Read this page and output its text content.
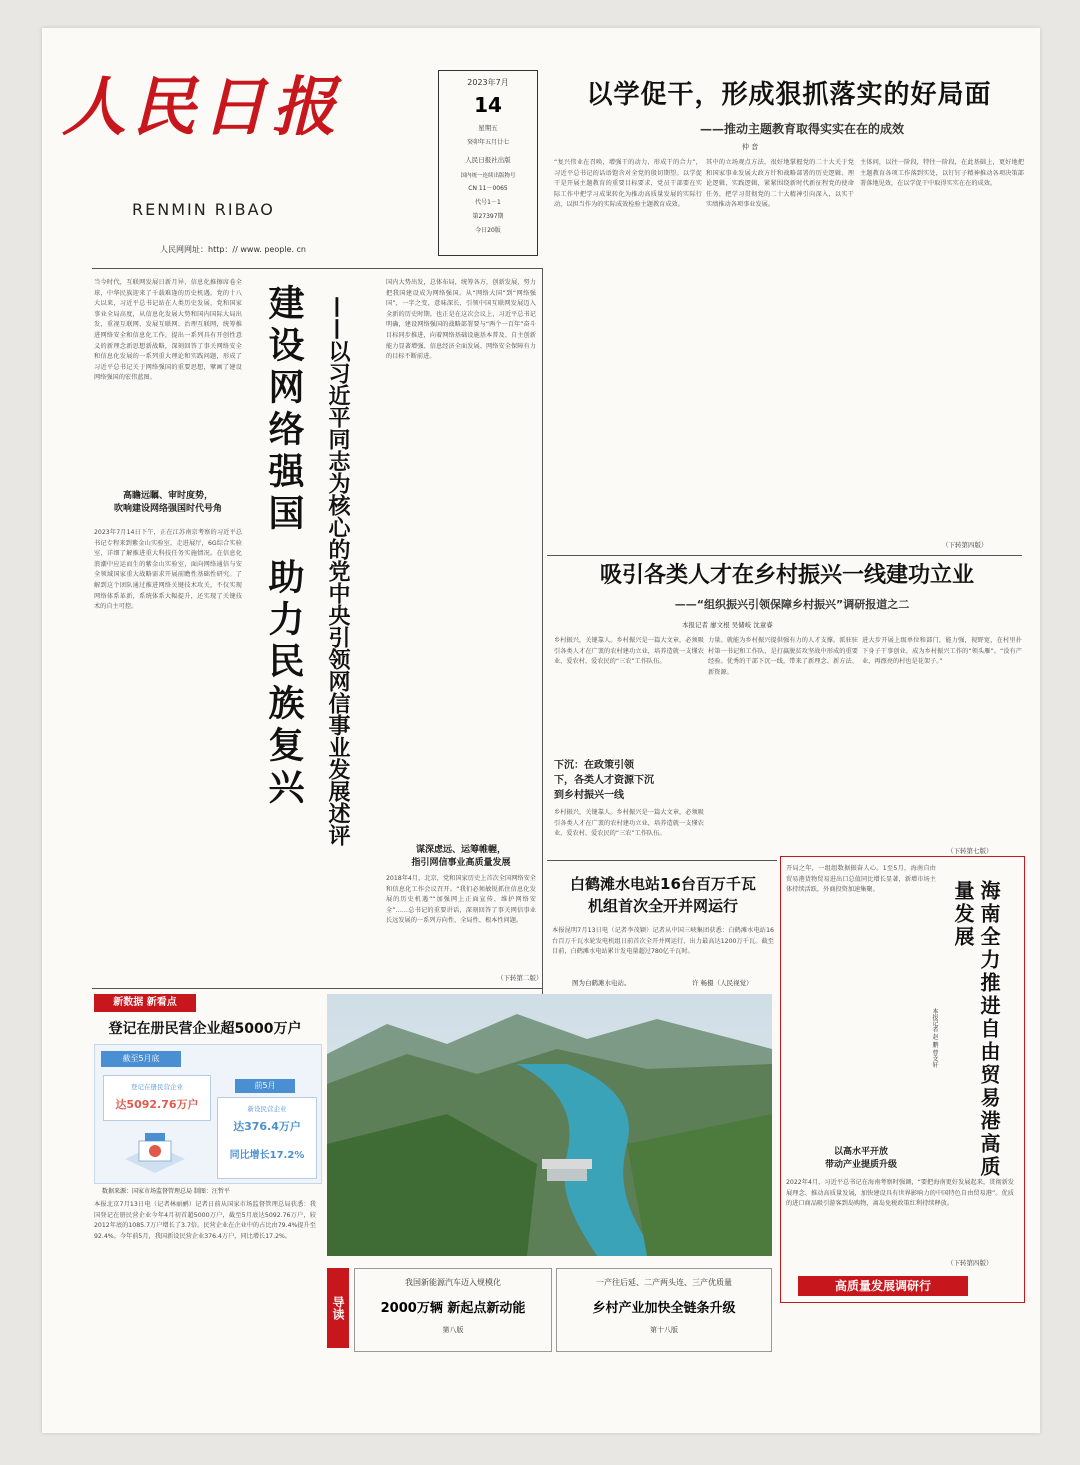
人民日报
RENMIN RIBAO
人民网网址：http：// www. people. cn
2023年7月
14
星期五
癸卯年五月廿七
人民日报社出版
国内统一连续出版物号
CN 11－0065
代号1－1
第27397期
今日20版
以学促干，形成狠抓落实的好局面
——推动主题教育取得实实在在的成效
仲 音
“复兴伟业在召唤，增强干的动力，形成干的合力”，习近平总书记的话语饱含对全党的殷切期望。以学促干是开展主题教育的重要目标要求，党员干部要在实际工作中把学习成果转化为推动高质量发展的实际行动，以担当作为的实际成效检验主题教育成效。
其中的立场观点方法，很好地掌握党的二十大关于党和国家事业发展大政方针和战略部署的历史逻辑、理论逻辑、实践逻辑，紧紧围绕新时代新征程党的使命任务，把学习贯彻党的二十大精神引向深入，以实干实绩推动各项事业发展。
主体问，以往一阶段，特往一阶段，在此基础上，更好地把主题教育各项工作落到实处，以钉钉子精神推动各项决策部署落地见效，在以学促干中取得实实在在的成效。
（下转第四版）
当今时代，互联网发展日新月异，信息化推擦席卷全球，中华民族迎来了千载难逢的历史机遇。党的十八大以来，习近平总书记站在人类历史发展、党和国家事业全局高度，从信息化发展大势和国内国际大局出发，重视互联网、发展互联网、治理互联网，统筹推进网络安全和信息化工作，提出一系列具有开创性意义的新理念新思想新战略，深刻回答了事关网络安全和信息化发展的一系列重大理论和实践问题，形成了习近平总书记关于网络强国的重要思想，擘画了建设网络强国的宏伟蓝图。
高瞻远瞩、审时度势，
吹响建设网络强国时代号角
2023年7月14日下午，正在江苏南京考察的习近平总书记专程来到紫金山实验室，走进展厅，6G综合实验室，详细了解推进重大科技任务实施情况。在信息化浪潮中应运而生的紫金山实验室，面向网络通信与安全领域国家重大战略需求开展前瞻性基础性研究。了解到这个团队通过推进网络关键技术攻关，不仅实现网络体系革新，系统体系大幅提升，还实现了关键技术的自主可控。
建设网络强国助力民族复兴 ——以习近平同志为核心的党中央引领网信事业发展述评
国内大势出发，总体布局，统筹各方，创新发展，努力把我国建设成为网络强国。从“网络大国”到“网络强国”，一字之变，意味深长，引领中国互联网发展迈入全新的历史时期。也正是在这次会议上，习近平总书记明确，建设网络强国的战略部署要与“两个一百年”奋斗目标同步推进，向着网络基础设施基本普及、自主创新能力显著增强、信息经济全面发展、网络安全保障有力的目标不断前进。
谋深虑远、运筹帷幄，
指引网信事业高质量发展
2018年4月，北京，党和国家历史上首次全国网络安全和信息化工作会议召开。“我们必须敏锐抓住信息化发展的历史机遇”“加强网上正面宣传，维护网络安全”……总书记的重要讲话，深刻回答了事关网信事业长远发展的一系列方向性、全局性、根本性问题。
（下转第二版）
吸引各类人才在乡村振兴一线建功立业
——“组织振兴引领保障乡村振兴”调研报道之二
本报记者 廖文根 吴储岐 沈童睿
乡村振兴，关键靠人。乡村振兴是一篇大文章，必须吸引各类人才在广袤的农村建功立业，培养造就一支懂农业、爱农村、爱农民的“三农”工作队伍。
下沉：在政策引领
下，各类人才资源下沉
到乡村振兴一线
乡村振兴，关键靠人。乡村振兴是一篇大文章，必须吸引各类人才在广袤的农村建功立业，培养造就一支懂农业、爱农村、爱农民的“三农”工作队伍。
力量。就能为乡村振兴提供强有力的人才支撑。派驻驻村第一书记和工作队，是打赢脱贫攻坚战中形成的重要经验。优秀的干部下沉一线，带来了新理念、新方法、新资源。
进大步开展上级单位和部门，能力强，视野宽，在村里扑下身子干事创业，成为乡村振兴工作的“领头雁”。“没有产业，再漂亮的村也是花架子。”
（下转第七版）
白鹤滩水电站16台百万千瓦
机组首次全开并网运行
本报昆明7月13日电（记者李茂颖）记者从中国三峡集团获悉：白鹤滩水电站16台百万千瓦水轮发电机组日前首次全开并网运行，出力最高达1200万千瓦。截至目前，白鹤滩水电站累计发电量超过780亿千瓦时。
图为白鹤滩水电站。	许 畅摄（人民视觉）
开局之年，一组组数据振奋人心。1至5月，海南自由贸易港货物贸易进出口总值同比增长显著，新增市场主体持续活跃，外商投资加速集聚。	海南全力推进自由贸易港高质量发展
本报记者 赵 鹏 曹文轩
以高水平开放
带动产业提质升级
2022年4月，习近平总书记在海南考察时强调，“要把海南更好发展起来，贯彻新发展理念、推动高质量发展，加快建设具有世界影响力的中国特色自由贸易港”。优质的进口商品吸引游客到岛购物，离岛免税政策红利持续释放。
（下转第四版）
高质量发展调研行
新数据 新看点
登记在册民营企业超5000万户
截至5月底
登记在册民营企业
达5092.76万户
前5月
新设民营企业
达376.4万户
同比增长17.2%
数据来源：国家市场监督管理总局 制图：汪哲平
本报北京7月13日电（记者林丽鹂）记者日前从国家市场监督管理总局获悉：我国登记在册民营企业今年4月初首超5000万户，截至5月底达5092.76万户，较2012年底的1085.7万户增长了3.7倍。民营企业在企业中的占比由79.4%提升至92.4%。今年前5月，我国新设民营企业376.4万户，同比增长17.2%。
导读
我国新能源汽车迈入规模化
2000万辆 新起点新动能
第八版
一产往后延、二产两头连、三产优质量
乡村产业加快全链条升级
第十八版
